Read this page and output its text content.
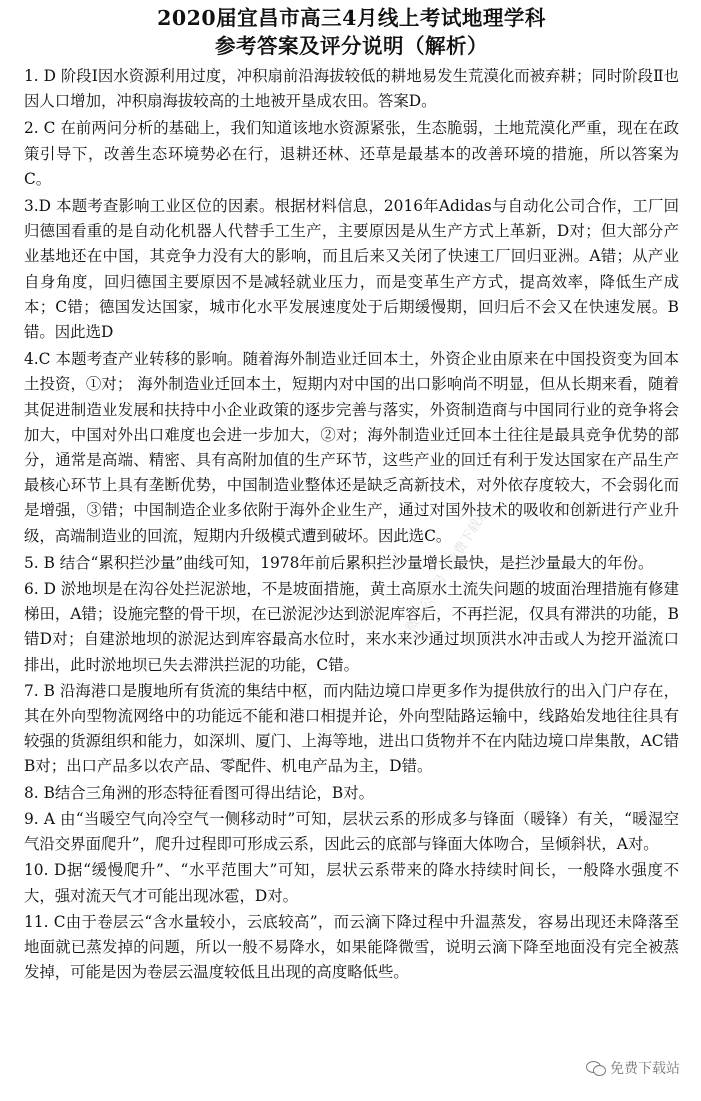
2020届宜昌市高三4月线上考试地理学科
参考答案及评分说明（解析）
1. D 阶段Ⅰ因水资源利用过度，冲积扇前沿海拔较低的耕地易发生荒漠化而被弃耕；同时阶段Ⅱ也因人口增加，冲积扇海拔较高的土地被开垦成农田。答案D。
2. C 在前两问分析的基础上，我们知道该地水资源紧张，生态脆弱，土地荒漠化严重，现在在政策引导下，改善生态环境势必在行，退耕还林、还草是最基本的改善环境的措施，所以答案为C。
3.D 本题考查影响工业区位的因素。根据材料信息，2016年Adidas与自动化公司合作，工厂回归德国看重的是自动化机器人代替手工生产，主要原因是从生产方式上革新，D对；但大部分产业基地还在中国，其竞争力没有大的影响，而且后来又关闭了快速工厂回归亚洲。A错；从产业自身角度，回归德国主要原因不是减轻就业压力，而是变革生产方式，提高效率，降低生产成本；C错；德国发达国家，城市化水平发展速度处于后期缓慢期，回归后不会又在快速发展。B错。因此选D
4.C 本题考查产业转移的影响。随着海外制造业迁回本土，外资企业由原来在中国投资变为回本土投资，①对； 海外制造业迁回本土，短期内对中国的出口影响尚不明显，但从长期来看，随着其促进制造业发展和扶持中小企业政策的逐步完善与落实，外资制造商与中国同行业的竞争将会加大，中国对外出口难度也会进一步加大，②对；海外制造业迁回本土往往是最具竞争优势的部分，通常是高端、精密、具有高附加值的生产环节，这些产业的回迁有利于发达国家在产品生产最核心环节上具有垄断优势，中国制造业整体还是缺乏高新技术，对外依存度较大，不会弱化而是增强，③错；中国制造企业多依附于海外企业生产，通过对国外技术的吸收和创新进行产业升级，高端制造业的回流，短期内升级模式遭到破坏。因此选C。
5. B 结合“累积拦沙量”曲线可知，1978年前后累积拦沙量增长最快，是拦沙量最大的年份。
6. D 淤地坝是在沟谷处拦泥淤地，不是坡面措施，黄土高原水土流失问题的坡面治理措施有修建梯田，A错；设施完整的骨干坝，在已淤泥沙达到淤泥库容后，不再拦泥，仅具有滞洪的功能，B错D对；自建淤地坝的淤泥达到库容最高水位时，来水来沙通过坝顶洪水冲击或人为挖开溢流口排出，此时淤地坝已失去滞洪拦泥的功能，C错。
7. B 沿海港口是腹地所有货流的集结中枢，而内陆边境口岸更多作为提供放行的出入门户存在，其在外向型物流网络中的功能远不能和港口相提并论，外向型陆路运输中，线路始发地往往具有较强的货源组织和能力，如深圳、厦门、上海等地，进出口货物并不在内陆边境口岸集散，AC错B对；出口产品多以农产品、零配件、机电产品为主，D错。
8. B结合三角洲的形态特征看图可得出结论，B对。
9. A 由“当暖空气向冷空气一侧移动时”可知，层状云系的形成多与锋面（暖锋）有关，“暖湿空气沿交界面爬升”，爬升过程即可形成云系，因此云的底部与锋面大体吻合，呈倾斜状，A对。
10. D据“缓慢爬升”、“水平范围大”可知，层状云系带来的降水持续时间长，一般降水强度不大，强对流天气才可能出现冰雹，D对。
11. C由于卷层云“含水量较小，云底较高”，而云滴下降过程中升温蒸发，容易出现还未降落至地面就已蒸发掉的问题，所以一般不易降水，如果能降微雪，说明云滴下降至地面没有完全被蒸发掉，可能是因为卷层云温度较低且出现的高度略低些。
微信公众号《免费下载站》
免费下载站
